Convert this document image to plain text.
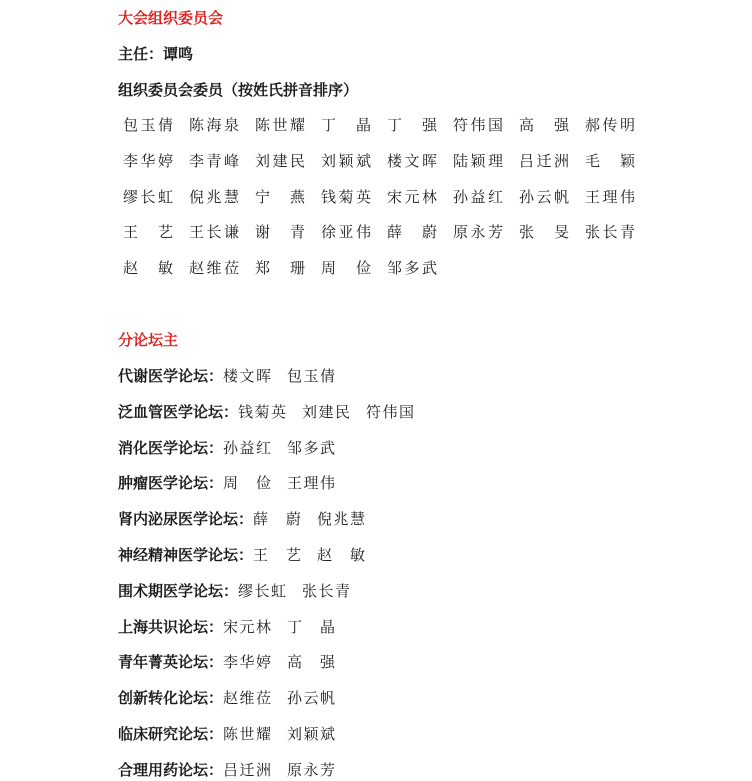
大会组织委员会
主任：谭鸣
组织委员会委员（按姓氏拼音排序）
包玉倩 陈海泉 陈世耀 丁　晶 丁　强 符伟国 高　强 郝传明
李华婷 李青峰 刘建民 刘颖斌 楼文晖 陆颖理 吕迁洲 毛　颖
缪长虹 倪兆慧 宁　燕 钱菊英 宋元林 孙益红 孙云帆 王理伟
王　艺 王长谦 谢　青 徐亚伟 薛　蔚 原永芳 张　旻 张长青
赵　敏 赵维莅 郑　珊 周　俭 邹多武
分论坛主
代谢医学论坛：楼文晖 包玉倩
泛血管医学论坛：钱菊英 刘建民 符伟国
消化医学论坛：孙益红 邹多武
肿瘤医学论坛：周　俭 王理伟
肾内泌尿医学论坛：薛　蔚 倪兆慧
神经精神医学论坛：王　艺 赵　敏
围术期医学论坛：缪长虹 张长青
上海共识论坛：宋元林 丁　晶
青年菁英论坛：李华婷 高　强
创新转化论坛：赵维莅 孙云帆
临床研究论坛：陈世耀 刘颖斌
合理用药论坛：吕迁洲 原永芳
